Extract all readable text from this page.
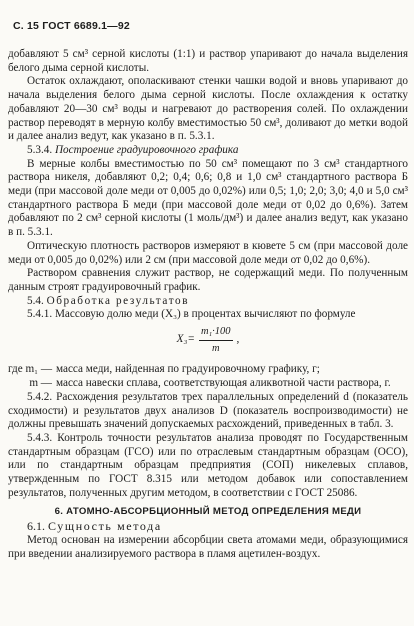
С. 15 ГОСТ 6689.1—92

добавляют 5 см³ серной кислоты (1:1) и раствор упаривают до начала выделения белого дыма серной кислоты.

Остаток охлаждают, ополаскивают стенки чашки водой и вновь упаривают до начала выделения белого дыма серной кислоты. После охлаждения к остатку добавляют 20—30 см³ воды и нагревают до растворения солей. По охлаждении раствор переводят в мерную колбу вместимостью 50 см³, доливают до метки водой и далее анализ ведут, как указано в п. 5.3.1.

5.3.4. Построение градуировочного графика

В мерные колбы вместимостью по 50 см³ помещают по 3 см³ стандартного раствора никеля, добавляют 0,2; 0,4; 0,6; 0,8 и 1,0 см³ стандартного раствора Б меди (при массовой доле меди от 0,005 до 0,02%) или 0,5; 1,0; 2,0; 3,0; 4,0 и 5,0 см³ стандартного раствора Б меди (при массовой доле меди от 0,02 до 0,6%). Затем добавляют по 2 см³ серной кислоты (1 моль/дм³) и далее анализ ведут, как указано в п. 5.3.1.

Оптическую плотность растворов измеряют в кювете 5 см (при массовой доле меди от 0,005 до 0,02%) или 2 см (при массовой доле меди от 0,02 до 0,6%).

Раствором сравнения служит раствор, не содержащий меди. По полученным данным строят градуировочный график.

5.4. Обработка результатов

5.4.1. Массовую долю меди (X₃) в процентах вычисляют по формуле

$X_3= \frac{\text{m₁·100}}{m}$ ,
где m₁ — масса меди, найденная по градуировочному графику, г;
m — масса навески сплава, соответствующая аликвотной части раствора, г.

5.4.2. Расхождения результатов трех параллельных определений d (показатель сходимости) и результатов двух анализов D (показатель воспроизводимости) не должны превышать значений допускаемых расхождений, приведенных в табл. 3.

5.4.3. Контроль точности результатов анализа проводят по Государственным стандартным образцам (ГСО) или по отраслевым стандартным образцам (ОСО), или по стандартным образцам предприятия (СОП) никелевых сплавов, утвержденным по ГОСТ 8.315 или методом добавок или сопоставлением результатов, полученных другим методом, в соответствии с ГОСТ 25086.

6. АТОМНО-АБСОРБЦИОННЫЙ МЕТОД ОПРЕДЕЛЕНИЯ МЕДИ

6.1. Сущность метода

Метод основан на измерении абсорбции света атомами меди, образующимися при введении анализируемого раствора в пламя ацетилен-воздух.
